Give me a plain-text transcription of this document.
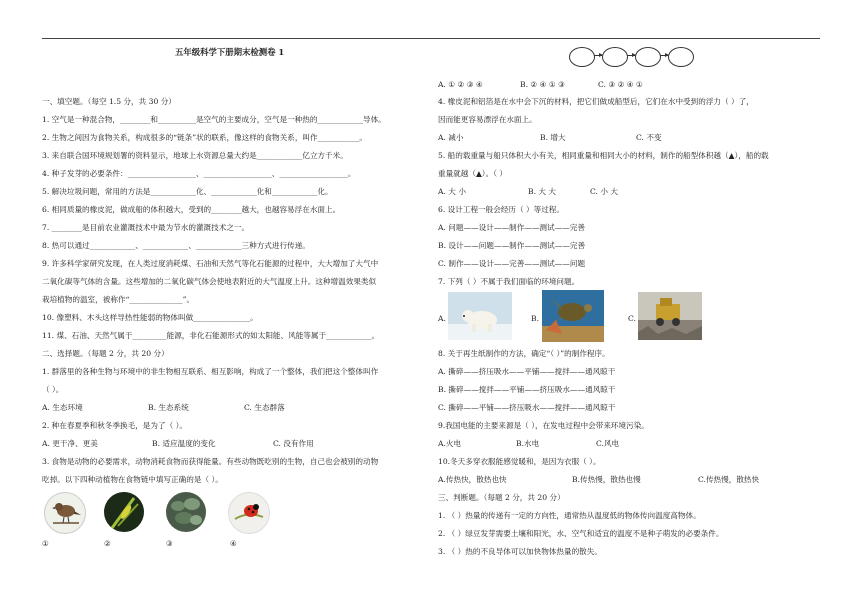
五年级科学下册期末检测卷 1
一、填空题。（每空 1.5 分，共 30 分）
1. 空气是一种混合物，________和__________是空气的主要成分，空气是一种热的____________导体。
2. 生物之间因为食物关系，构成很多的“链条”状的联系，像这样的食物关系，叫作___________。
3. 来自联合国环境规划署的资料显示，地球上水资源总量大约是____________亿立方千米。
4. 种子发芽的必要条件：__________________、__________________、__________________。
5. 解决垃圾问题，常用的方法是____________化、____________化和____________化。
6. 相同质量的橡皮泥，做成船的体积越大，受到的________越大，也越容易浮在水面上。
7. ________是目前农业灌溉技术中最为节水的灌溉技术之一。
8. 热可以通过____________、____________、____________三种方式进行传递。
9. 许多科学家研究发现，在人类过度消耗煤、石油和天然气等化石能源的过程中，大大增加了大气中
二氧化碳等气体的含量。这些增加的二氧化碳气体会使地表附近的大气温度上升。这种增温效果类似
栽培植物的温室，被称作“______________”。
10. 像塑料、木头这样导热性能弱的物体叫做_______________。
11. 煤、石油、天然气属于_________能源，非化石能源形式的如太阳能、风能等属于____________。
二、选择题。（每题 2 分，共 20 分）
1. 群落里的各种生物与环境中的非生物相互联系、相互影响，构成了一个整体，我们把这个整体叫作
（ ）。
A. 生态环境	B. 生态系统	C. 生态群落
2. 种在春夏季和秋冬季换毛，是为了（ ）。
A. 更干净、更美	B. 适应温度的变化	C. 没有作用
3. 食物是动物的必要需求，动物消耗食物而获得能量。有些动物既吃别的生物，自己也会被别的动物
吃掉。以下四种动植物在食物链中填写正确的是（ ）。
①	②	③	④
A. ① ② ③ ④	B. ② ④ ① ③	C. ③ ② ④ ①
4. 橡皮泥和铝箔是在水中会下沉的材料，把它们做成船型后，它们在水中受到的浮力（ ）了，
因而能更容易漂浮在水面上。
A. 减小	B. 增大	C. 不变
5. 船的载重量与船只体积大小有关，相同重量和相同大小的材料，制作的船型体积越（▲），船的载
重量就越（▲）。（ ）
A. 大 小	B. 大 大	C. 小 大
6. 设计工程一般会经历（ ）等过程。
A. 问题——设计——制作——测试——完善
B. 设计——问题——制作——测试——完善
C. 制作——设计——完善——测试——问题
7. 下列（ ）不属于我们面临的环境问题。
A.	B.	C.
8. 关于再生纸制作的方法，确定“（ ）”的制作程序。
A. 撕碎——挤压吸水——平铺——搅拌——通风晾干
B. 撕碎——搅拌——平铺——挤压吸水——通风晾干
C. 撕碎——平铺——挤压吸水——搅拌——通风晾干
9.我国电能的主要来源是（ ），在发电过程中会带来环境污染。
A.火电	B.水电	C.风电
10.冬天多穿衣服能感觉暖和，是因为衣服（ ）。
A.传热快，散热也快	B.传热慢，散热也慢	C.传热慢，散热快
三、判断题。（每题 2 分，共 20 分）
1. （ ）热量的传递有一定的方向性，通常热从温度低的物体传向温度高物体。
2. （ ）绿豆发芽需要土壤和阳光，水、空气和适宜的温度不是种子萌发的必要条件。
3. （ ）热的不良导体可以加快物体热量的散失。
